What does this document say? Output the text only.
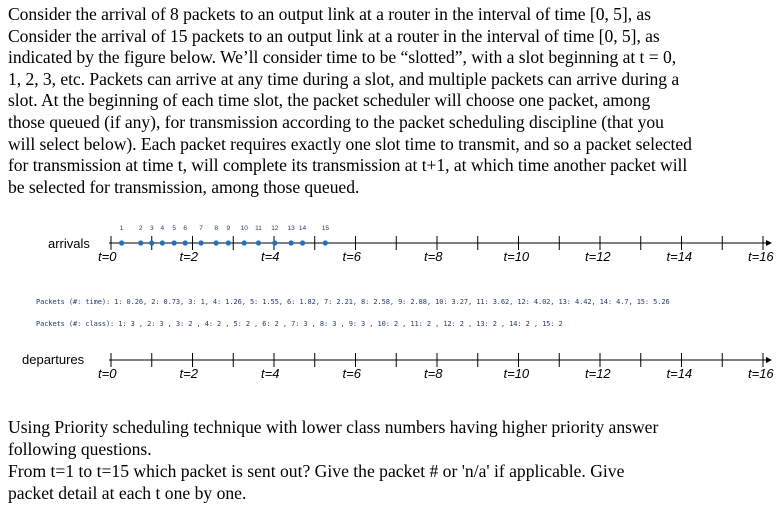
Consider the arrival of 8 packets to an output link at a router in the interval of time [0, 5], as
Consider the arrival of 15 packets to an output link at a router in the interval of time [0, 5], as
indicated by the figure below. We’ll consider time to be “slotted”, with a slot beginning at t = 0,
1, 2, 3, etc. Packets can arrive at any time during a slot, and multiple packets can arrive during a
slot. At the beginning of each time slot, the packet scheduler will choose one packet, among
those queued (if any), for transmission according to the packet scheduling discipline (that you
will select below). Each packet requires exactly one slot time to transmit, and so a packet selected
for transmission at time t, will complete its transmission at t+1, at which time another packet will
be selected for transmission, among those queued.
arrivals
1 2 3 4 5 6 7 8 9 10 11 12 13 14 15
t=0	t=2	t=4	t=6	t=8	t=10	t=12	t=14	t=16
departures
t=0	t=2	t=4	t=6	t=8	t=10	t=12	t=14	t=16
Packets (#: time): 1: 0.26, 2: 0.73, 3: 1, 4: 1.26, 5: 1.55, 6: 1.82, 7: 2.21, 8: 2.58, 9: 2.88, 10: 3.27, 11: 3.62, 12: 4.02, 13: 4.42, 14: 4.7, 15: 5.26
Packets (#: class): 1: 3 , 2: 3 , 3: 2 , 4: 2 , 5: 2 , 6: 2 , 7: 3 , 8: 3 , 9: 3 , 10: 2 , 11: 2 , 12: 2 , 13: 2 , 14: 2 , 15: 2
Using Priority scheduling technique with lower class numbers having higher priority answer
following questions.
From t=1 to t=15 which packet is sent out? Give the packet # or 'n/a' if applicable. Give
packet detail at each t one by one.
